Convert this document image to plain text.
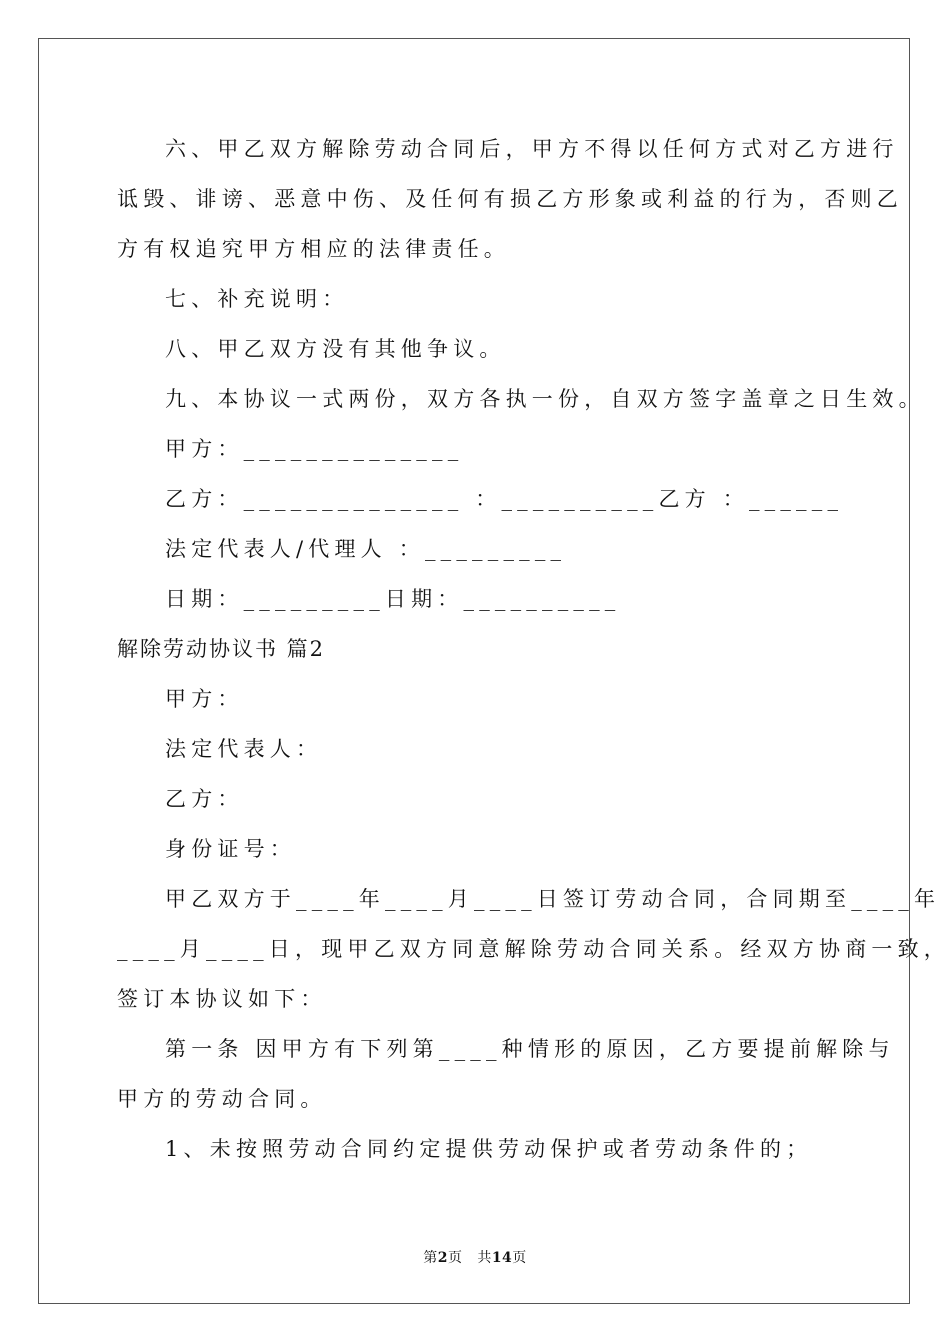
六、甲乙双方解除劳动合同后，甲方不得以任何方式对乙方进行
诋毁、诽谤、恶意中伤、及任何有损乙方形象或利益的行为，否则乙
方有权追究甲方相应的法律责任。
七、补充说明：
八、甲乙双方没有其他争议。
九、本协议一式两份，双方各执一份，自双方签字盖章之日生效。
甲方：______________
乙方：______________ ：__________乙方 ：______
法定代表人/代理人 ：_________
日期：_________日期：__________
解除劳动协议书 篇2
甲方：
法定代表人：
乙方：
身份证号：
甲乙双方于____年____月____日签订劳动合同，合同期至____年
____月____日，现甲乙双方同意解除劳动合同关系。经双方协商一致，
签订本协议如下：
第一条 因甲方有下列第____种情形的原因，乙方要提前解除与
甲方的劳动合同。
1、未按照劳动合同约定提供劳动保护或者劳动条件的；
第2页 共14页
